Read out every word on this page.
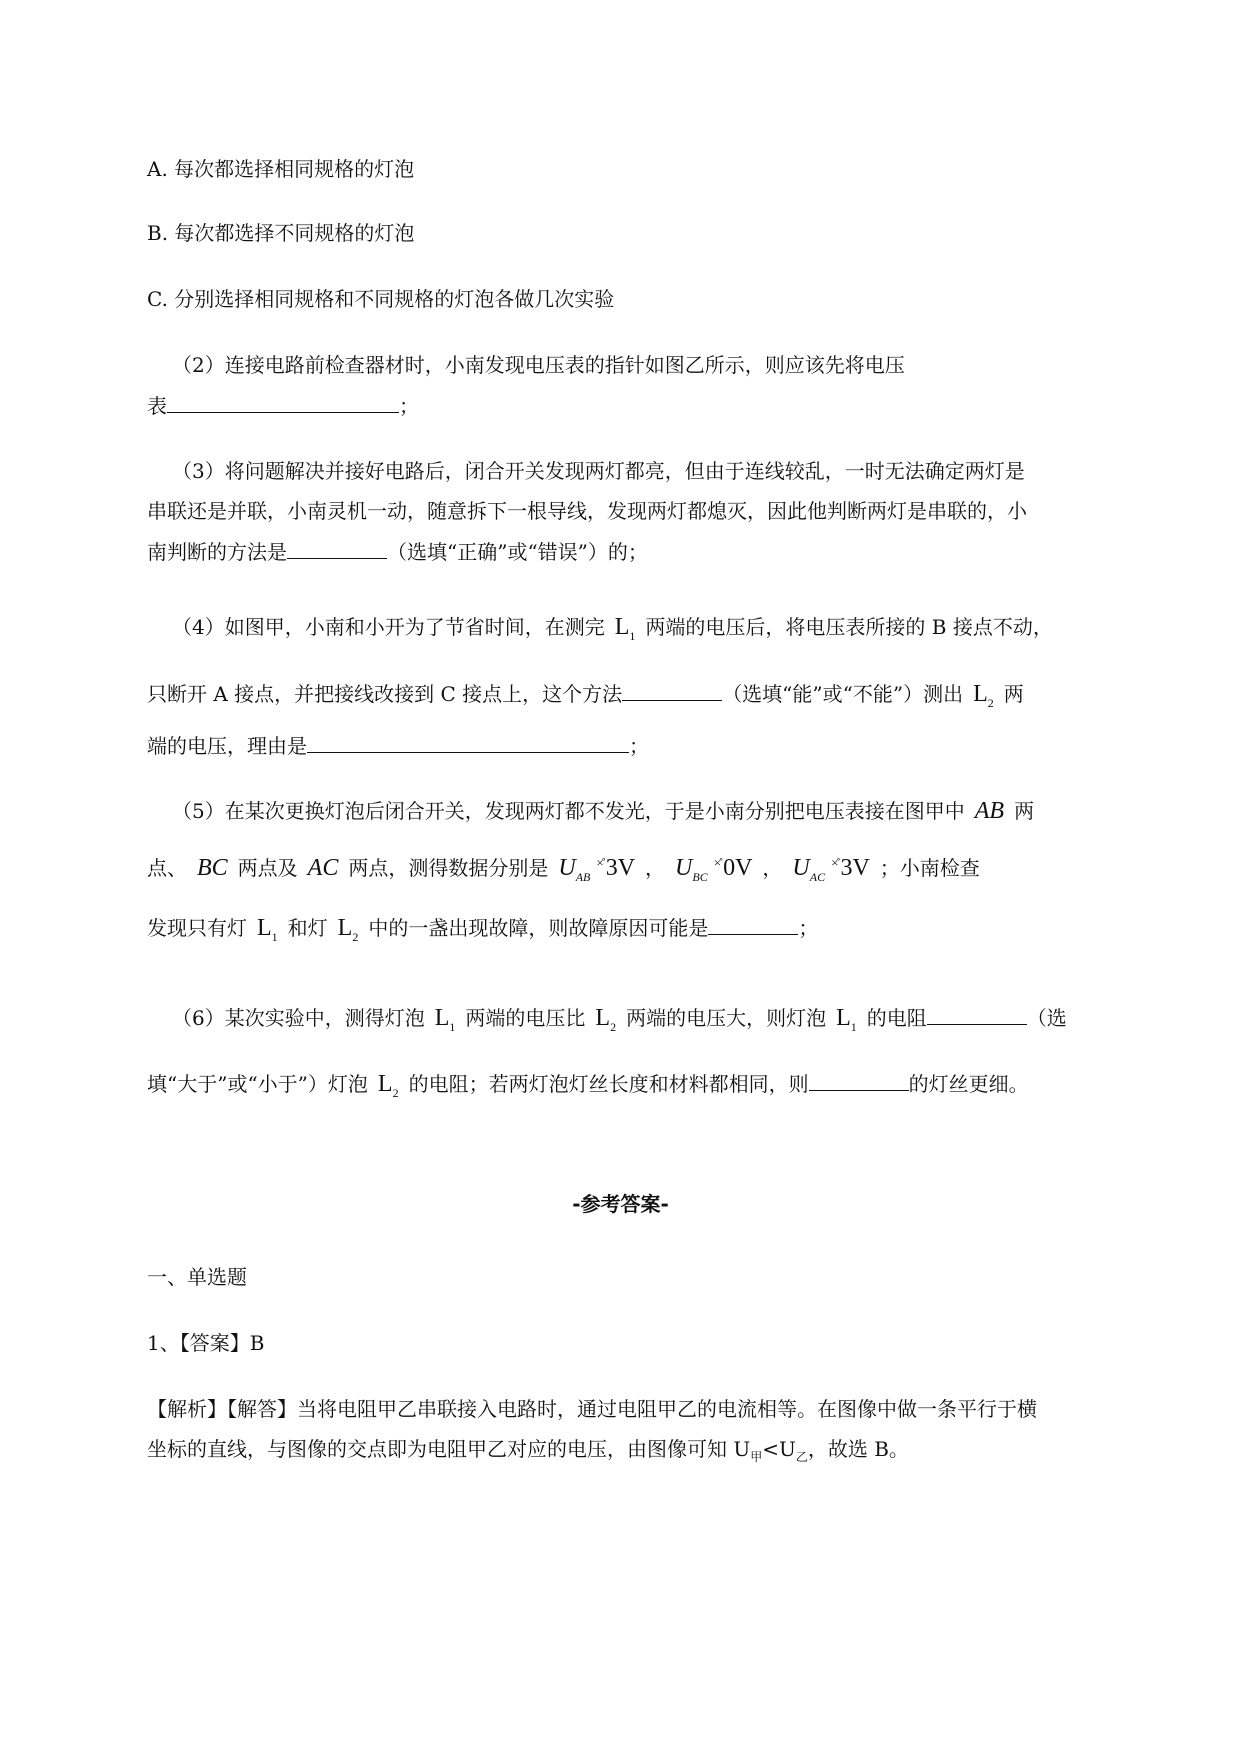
A. 每次都选择相同规格的灯泡
B. 每次都选择不同规格的灯泡
C. 分别选择相同规格和不同规格的灯泡各做几次实验
（2）连接电路前检查器材时，小南发现电压表的指针如图乙所示，则应该先将电压
表	；
（3）将问题解决并接好电路后，闭合开关发现两灯都亮，但由于连线较乱，一时无法确定两灯是
串联还是并联，小南灵机一动，随意拆下一根导线，发现两灯都熄灭，因此他判断两灯是串联的，小
南判断的方法是	（选填“正确”或“错误”）的；
（4）如图甲，小南和小开为了节省时间，在测完 $L_1$ 两端的电压后，将电压表所接的 B 接点不动，
只断开 A 接点，并把接线改接到 C 接点上，这个方法	（选填“能”或“不能”）测出 $L_2$ 两
端的电压，理由是	；
（5）在某次更换灯泡后闭合开关，发现两灯都不发光，于是小南分别把电压表接在图甲中 AB 两
点、 BC 两点及 AC 两点，测得数据分别是 $U_{AB}$ ×̊3V ， $U_{BC}$ ×̊0V ， $U_{AC}$ ×̊3V ；小南检查
发现只有灯 $L_1$ 和灯 $L_2$ 中的一盏出现故障，则故障原因可能是	；
（6）某次实验中，测得灯泡 $L_1$ 两端的电压比 $L_2$ 两端的电压大，则灯泡 $L_1$ 的电阻	（选
填“大于”或“小于”）灯泡 $L_2$ 的电阻；若两灯泡灯丝长度和材料都相同，则	的灯丝更细。
-参考答案-
一、单选题
1、【答案】B
【解析】【解答】当将电阻甲乙串联接入电路时，通过电阻甲乙的电流相等。在图像中做一条平行于横
坐标的直线，与图像的交点即为电阻甲乙对应的电压，由图像可知 $U_甲<U_乙$，故选 B。
